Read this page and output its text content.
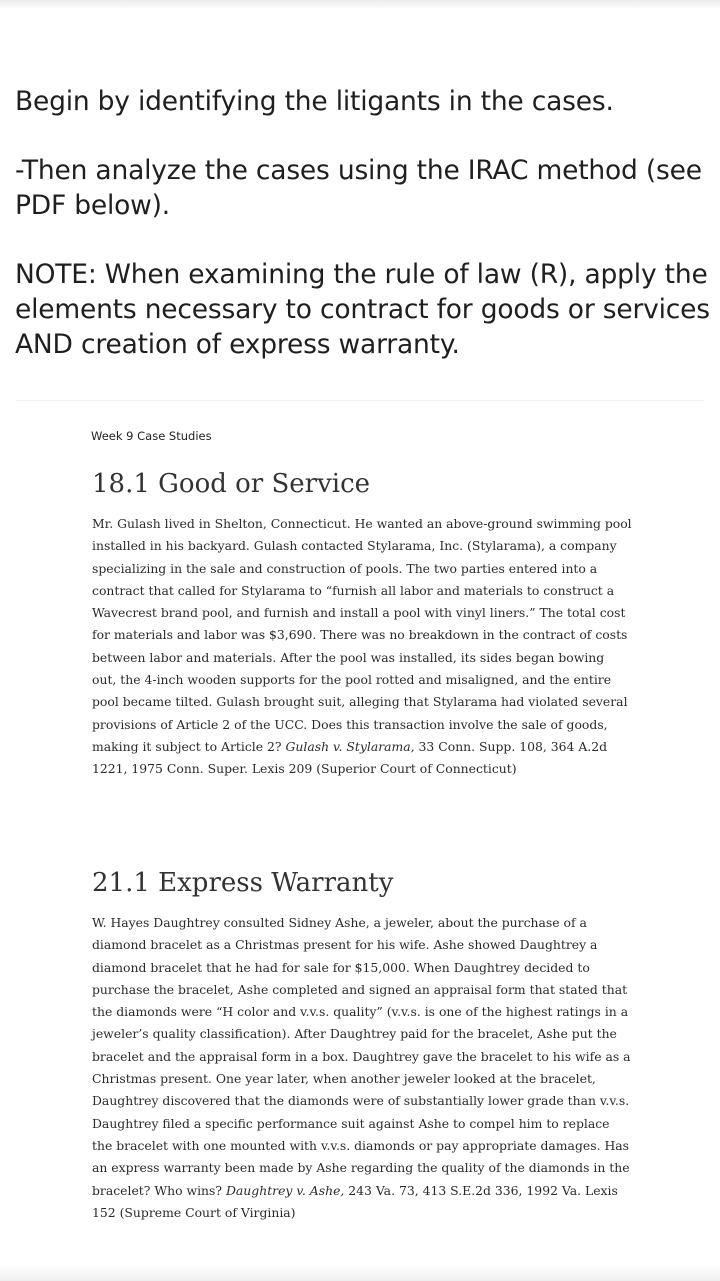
Begin by identifying the litigants in the cases.

-Then analyze the cases using the IRAC method (see PDF below).

NOTE: When examining the rule of law (R), apply the elements necessary to contract for goods or services AND creation of express warranty.

Week 9 Case Studies
18.1 Good or Service

Mr. Gulash lived in Shelton, Connecticut. He wanted an above-ground swimming pool installed in his backyard. Gulash contacted Stylarama, Inc. (Stylarama), a company specializing in the sale and construction of pools. The two parties entered into a contract that called for Stylarama to “furnish all labor and materials to construct a Wavecrest brand pool, and furnish and install a pool with vinyl liners.” The total cost for materials and labor was $3,690. There was no breakdown in the contract of costs between labor and materials. After the pool was installed, its sides began bowing out, the 4-inch wooden supports for the pool rotted and misaligned, and the entire pool became tilted. Gulash brought suit, alleging that Stylarama had violated several provisions of Article 2 of the UCC. Does this transaction involve the sale of goods, making it subject to Article 2? Gulash v. Stylarama, 33 Conn. Supp. 108, 364 A.2d 1221, 1975 Conn. Super. Lexis 209 (Superior Court of Connecticut)

21.1 Express Warranty

W. Hayes Daughtrey consulted Sidney Ashe, a jeweler, about the purchase of a diamond bracelet as a Christmas present for his wife. Ashe showed Daughtrey a diamond bracelet that he had for sale for $15,000. When Daughtrey decided to purchase the bracelet, Ashe completed and signed an appraisal form that stated that the diamonds were “H color and v.v.s. quality” (v.v.s. is one of the highest ratings in a jeweler’s quality classification). After Daughtrey paid for the bracelet, Ashe put the bracelet and the appraisal form in a box. Daughtrey gave the bracelet to his wife as a Christmas present. One year later, when another jeweler looked at the bracelet, Daughtrey discovered that the diamonds were of substantially lower grade than v.v.s. Daughtrey filed a specific performance suit against Ashe to compel him to replace the bracelet with one mounted with v.v.s. diamonds or pay appropriate damages. Has an express warranty been made by Ashe regarding the quality of the diamonds in the bracelet? Who wins? Daughtrey v. Ashe, 243 Va. 73, 413 S.E.2d 336, 1992 Va. Lexis 152 (Supreme Court of Virginia)
